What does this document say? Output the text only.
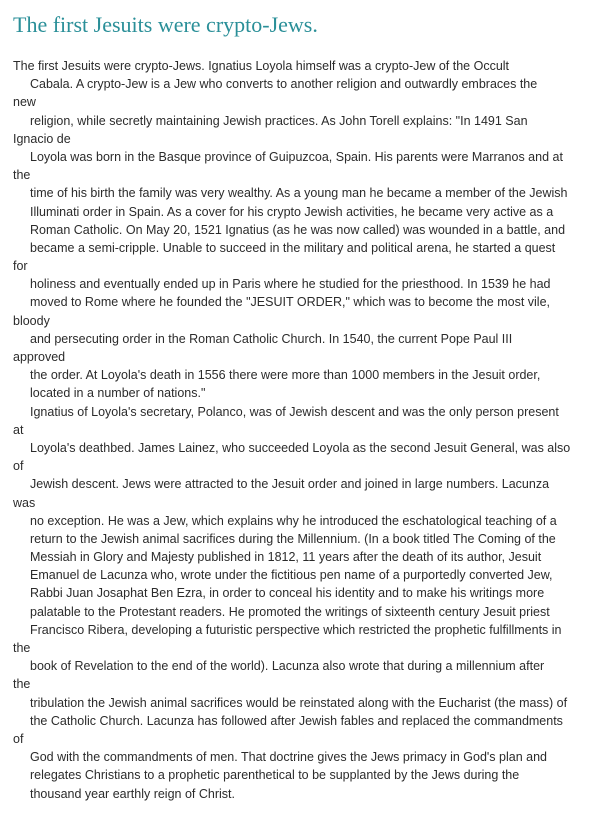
The first Jesuits were crypto-Jews.
The first Jesuits were crypto-Jews. Ignatius Loyola himself was a crypto-Jew of the Occult
Cabala. A crypto-Jew is a Jew who converts to another religion and outwardly embraces the
new
religion, while secretly maintaining Jewish practices. As John Torell explains: "In 1491 San
Ignacio de
Loyola was born in the Basque province of Guipuzcoa, Spain. His parents were Marranos and at
the
time of his birth the family was very wealthy. As a young man he became a member of the Jewish
Illuminati order in Spain. As a cover for his crypto Jewish activities, he became very active as a
Roman Catholic. On May 20, 1521 Ignatius (as he was now called) was wounded in a battle, and
became a semi-cripple. Unable to succeed in the military and political arena, he started a quest
for
holiness and eventually ended up in Paris where he studied for the priesthood. In 1539 he had
moved to Rome where he founded the "JESUIT ORDER," which was to become the most vile,
bloody
and persecuting order in the Roman Catholic Church. In 1540, the current Pope Paul III
approved
the order. At Loyola's death in 1556 there were more than 1000 members in the Jesuit order,
located in a number of nations."
Ignatius of Loyola's secretary, Polanco, was of Jewish descent and was the only person present
at
Loyola's deathbed. James Lainez, who succeeded Loyola as the second Jesuit General, was also
of
Jewish descent. Jews were attracted to the Jesuit order and joined in large numbers. Lacunza
was
no exception. He was a Jew, which explains why he introduced the eschatological teaching of a
return to the Jewish animal sacrifices during the Millennium. (In a book titled The Coming of the
Messiah in Glory and Majesty published in 1812, 11 years after the death of its author, Jesuit
Emanuel de Lacunza who, wrote under the fictitious pen name of a purportedly converted Jew,
Rabbi Juan Josaphat Ben Ezra, in order to conceal his identity and to make his writings more
palatable to the Protestant readers. He promoted the writings of sixteenth century Jesuit priest
Francisco Ribera, developing a futuristic perspective which restricted the prophetic fulfillments in
the
book of Revelation to the end of the world). Lacunza also wrote that during a millennium after
the
tribulation the Jewish animal sacrifices would be reinstated along with the Eucharist (the mass) of
the Catholic Church. Lacunza has followed after Jewish fables and replaced the commandments
of
God with the commandments of men. That doctrine gives the Jews primacy in God's plan and
relegates Christians to a prophetic parenthetical to be supplanted by the Jews during the
thousand year earthly reign of Christ.
